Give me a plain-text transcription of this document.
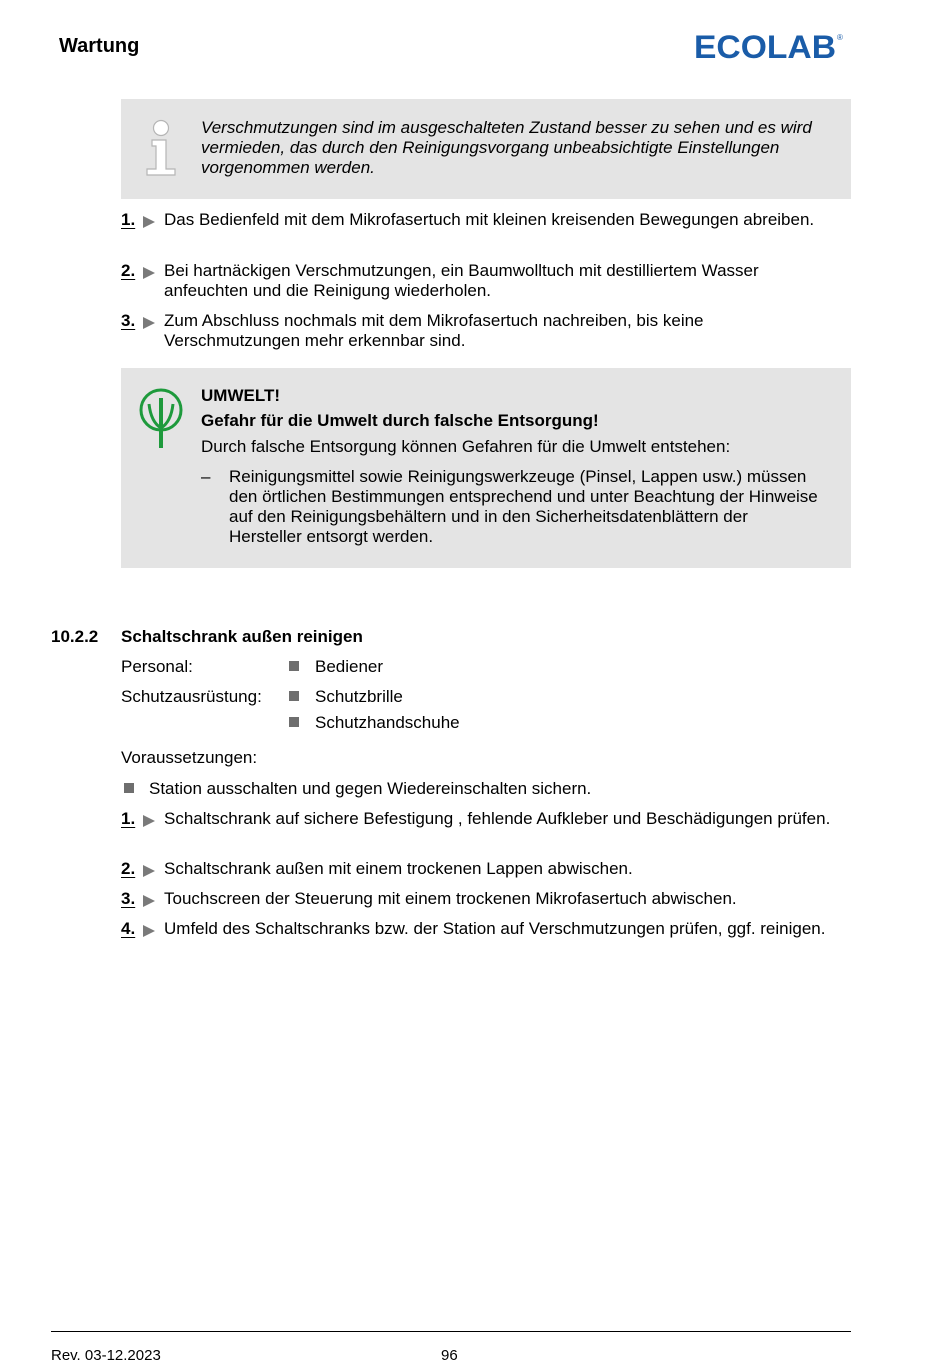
Wartung	ECOLAB ®
Verschmutzungen sind im ausgeschalteten Zustand besser zu sehen und es wird vermieden, das durch den Reinigungsvorgang unbeabsichtigte Einstellungen vorgenommen werden.
1. Das Bedienfeld mit dem Mikrofasertuch mit kleinen kreisenden Bewegungen abreiben.
2. Bei hartnäckigen Verschmutzungen, ein Baumwolltuch mit destilliertem Wasser anfeuchten und die Reinigung wiederholen.
3. Zum Abschluss nochmals mit dem Mikrofasertuch nachreiben, bis keine Verschmutzungen mehr erkennbar sind.
UMWELT!
Gefahr für die Umwelt durch falsche Entsorgung!
Durch falsche Entsorgung können Gefahren für die Umwelt entstehen:
– Reinigungsmittel sowie Reinigungswerkzeuge (Pinsel, Lappen usw.) müssen den örtlichen Bestimmungen entsprechend und unter Beachtung der Hinweise auf den Reinigungsbehältern und in den Sicherheitsdatenblättern der Hersteller entsorgt werden.
10.2.2 Schaltschrank außen reinigen
Personal:	Bediener
Schutzausrüstung:	Schutzbrille
Schutzhandschuhe
Voraussetzungen:
Station ausschalten und gegen Wiedereinschalten sichern.
1. Schaltschrank auf sichere Befestigung , fehlende Aufkleber und Beschädigungen prüfen.
2. Schaltschrank außen mit einem trockenen Lappen abwischen.
3. Touchscreen der Steuerung mit einem trockenen Mikrofasertuch abwischen.
4. Umfeld des Schaltschranks bzw. der Station auf Verschmutzungen prüfen, ggf. reinigen.
Rev. 03-12.2023	96
